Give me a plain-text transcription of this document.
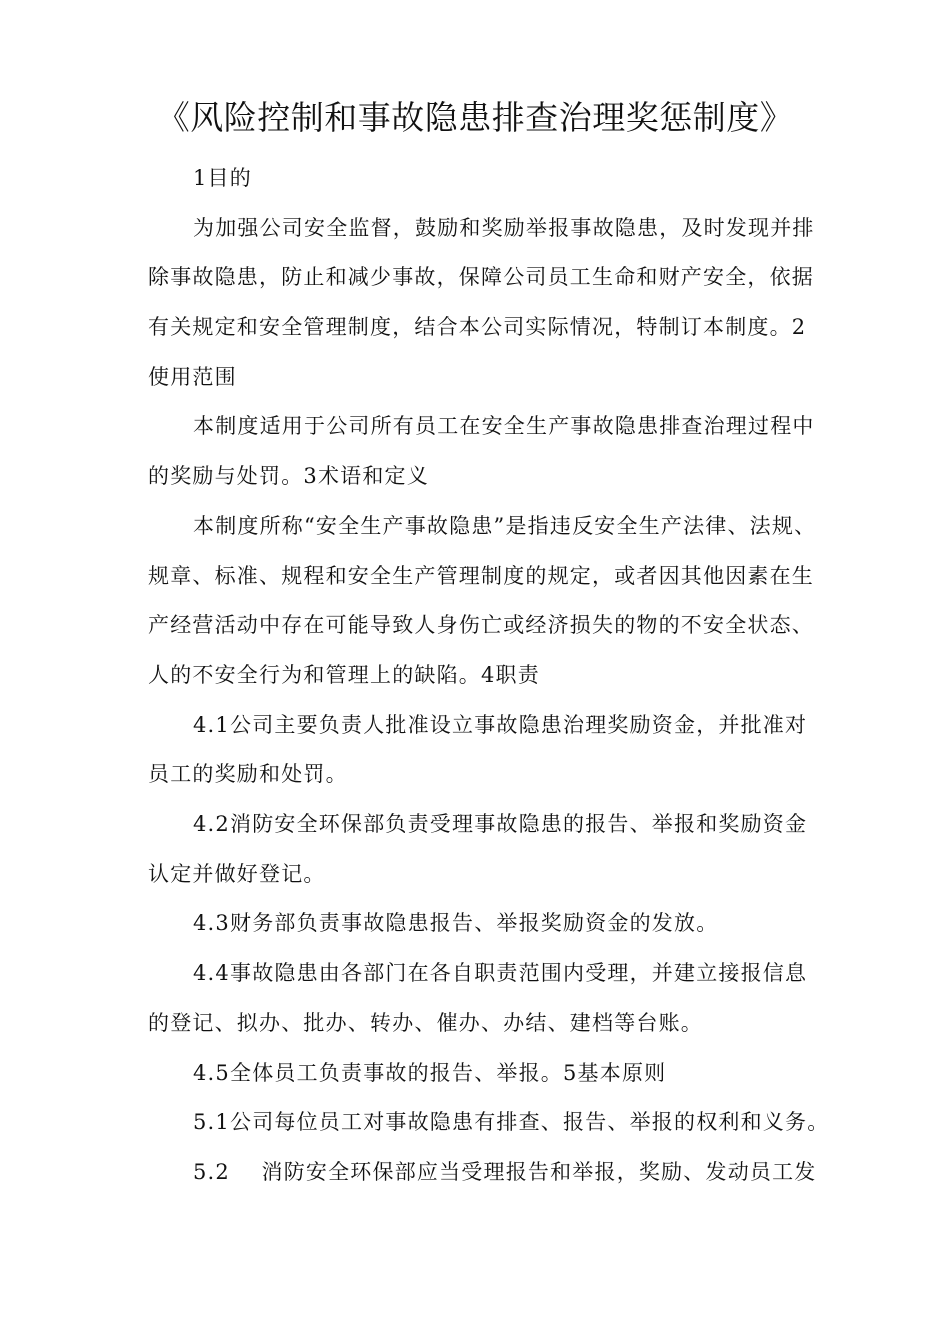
《风险控制和事故隐患排查治理奖惩制度》
1目的
为加强公司安全监督，鼓励和奖励举报事故隐患，及时发现并排
除事故隐患，防止和减少事故，保障公司员工生命和财产安全，依据
有关规定和安全管理制度，结合本公司实际情况，特制订本制度。2
使用范围
本制度适用于公司所有员工在安全生产事故隐患排查治理过程中
的奖励与处罚。3术语和定义
本制度所称“安全生产事故隐患”是指违反安全生产法律、法规、
规章、标准、规程和安全生产管理制度的规定，或者因其他因素在生
产经营活动中存在可能导致人身伤亡或经济损失的物的不安全状态、
人的不安全行为和管理上的缺陷。4职责
4.1公司主要负责人批准设立事故隐患治理奖励资金，并批准对
员工的奖励和处罚。
4.2消防安全环保部负责受理事故隐患的报告、举报和奖励资金
认定并做好登记。
4.3财务部负责事故隐患报告、举报奖励资金的发放。
4.4事故隐患由各部门在各自职责范围内受理，并建立接报信息
的登记、拟办、批办、转办、催办、办结、建档等台账。
4.5全体员工负责事故的报告、举报。5基本原则
5.1公司每位员工对事故隐患有排查、报告、举报的权利和义务。
5.2    消防安全环保部应当受理报告和举报，奖励、发动员工发
